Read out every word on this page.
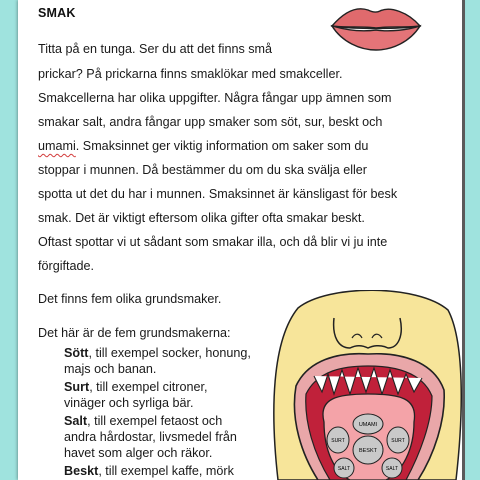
SMAK
Titta på en tunga. Ser du att det finns små
prickar? På prickarna finns smaklökar med smakceller.
Smakcellerna har olika uppgifter. Några fångar upp ämnen som
smakar salt, andra fångar upp smaker som söt, sur, beskt och
umami. Smaksinnet ger viktig information om saker som du
stoppar i munnen. Då bestämmer du om du ska svälja eller
spotta ut det du har i munnen. Smaksinnet är känsligast för besk
smak. Det är viktigt eftersom olika gifter ofta smakar beskt.
Oftast spottar vi ut sådant som smakar illa, och då blir vi ju inte
förgiftade.
Det finns fem olika grundsmaker.
Det här är de fem grundsmakerna:
Sött, till exempel socker, honung,
majs och banan.
Surt, till exempel citroner,
vinäger och syrliga bär.
Salt, till exempel fetaost och
andra hårdostar, livsmedel från
havet som alger och räkor.
Beskt, till exempel kaffe, mörk
UMAMI
SURT
BESKT
SURT
SALT	SALT
